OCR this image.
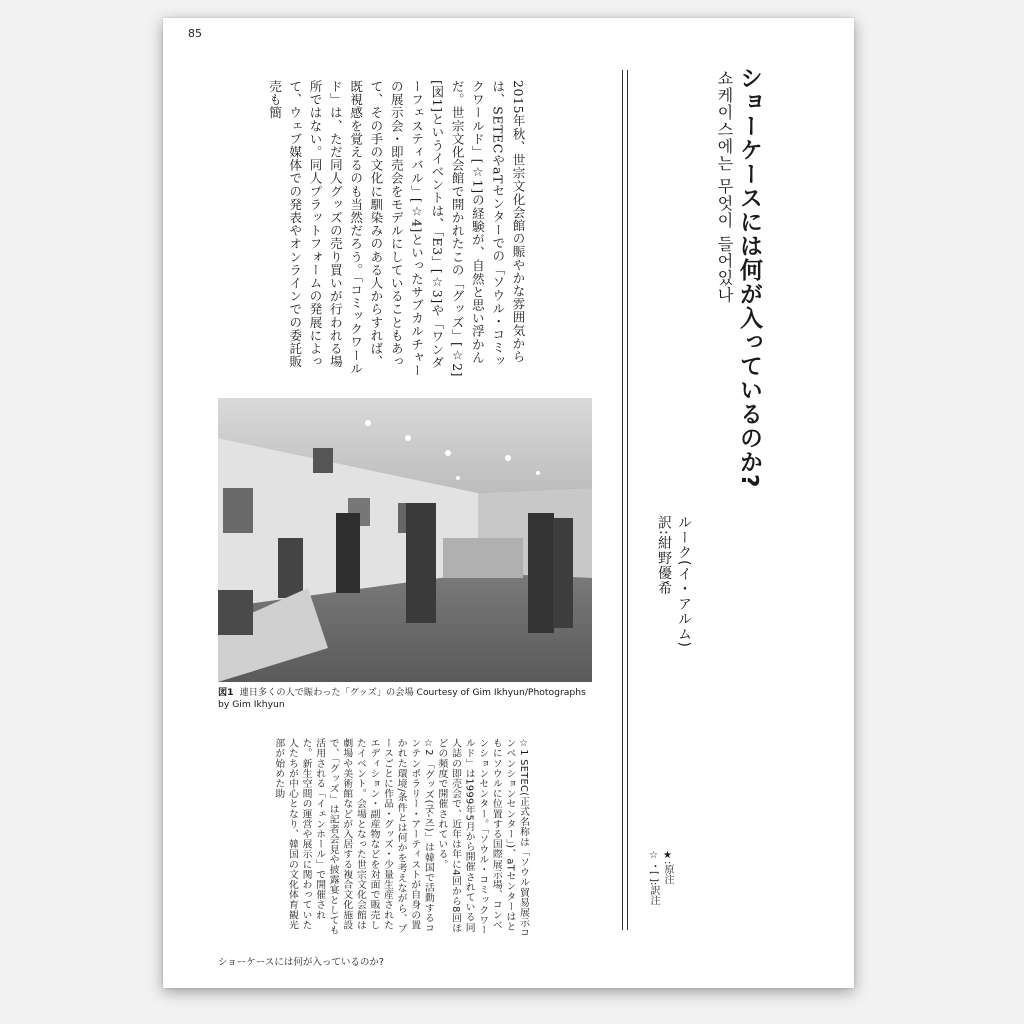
85
ショーケースには何が入っているのか?
쇼케이스에는 무엇이 들어있나
ルーク(イ・アルム)
訳:紺野優希
2015年秋、世宗文化会館の賑やかな雰囲気からは、SETECやaTセンターでの「ソウル・コミックワールド」[☆1]の経験が、自然と思い浮かんだ。世宗文化会館で開かれたこの「グッズ」[☆2][図1]というイベントは、「E3」[☆3]や「ワンダーフェスティバル」[☆4]といったサブカルチャーの展示会・即売会をモデルにしていることもあって、その手の文化に馴染みのある人からすれば、既視感を覚えるのも当然だろう。「コミックワールド」は、ただ同人グッズの売り買いが行われる場所ではない。同人プラットフォームの発展によって、ウェブ媒体での発表やオンラインでの委託販売も簡
図1 連日多くの人で賑わった「グッズ」の会場 Courtesy of Gim Ikhyun/Photographs by Gim Ikhyun
☆1 SETEC(正式名称は「ソウル貿易展示コンベンションセンター」)、aTセンターはともにソウルに位置する国際展示場、コンベンションセンター。「ソウル・コミックワールド」は1999年5月から開催されている同人誌の即売会で、近年は年に4回から8回ほどの頻度で開催されている。
☆2 「グッズ(굿-즈)」は韓国で活動するコンテンポラリー・アーティストが自身の置かれた環境/条件とは何かを考えながら、ブースごとに作品・グッズ・少量生産されたエディション・副産物などを対面で販売したイベント。会場となった世宗文化会館は劇場や美術館などが入居する複合文化施設で、「グッズ」は記者会見や披露宴としても活用される「イェンホール」で開催された。新生空間の運営や展示に関わっていた人たちが中心となり、韓国の文化体育観光部が始めた助
★:原注
☆・[ ]:訳注
ショーケースには何が入っているのか?
